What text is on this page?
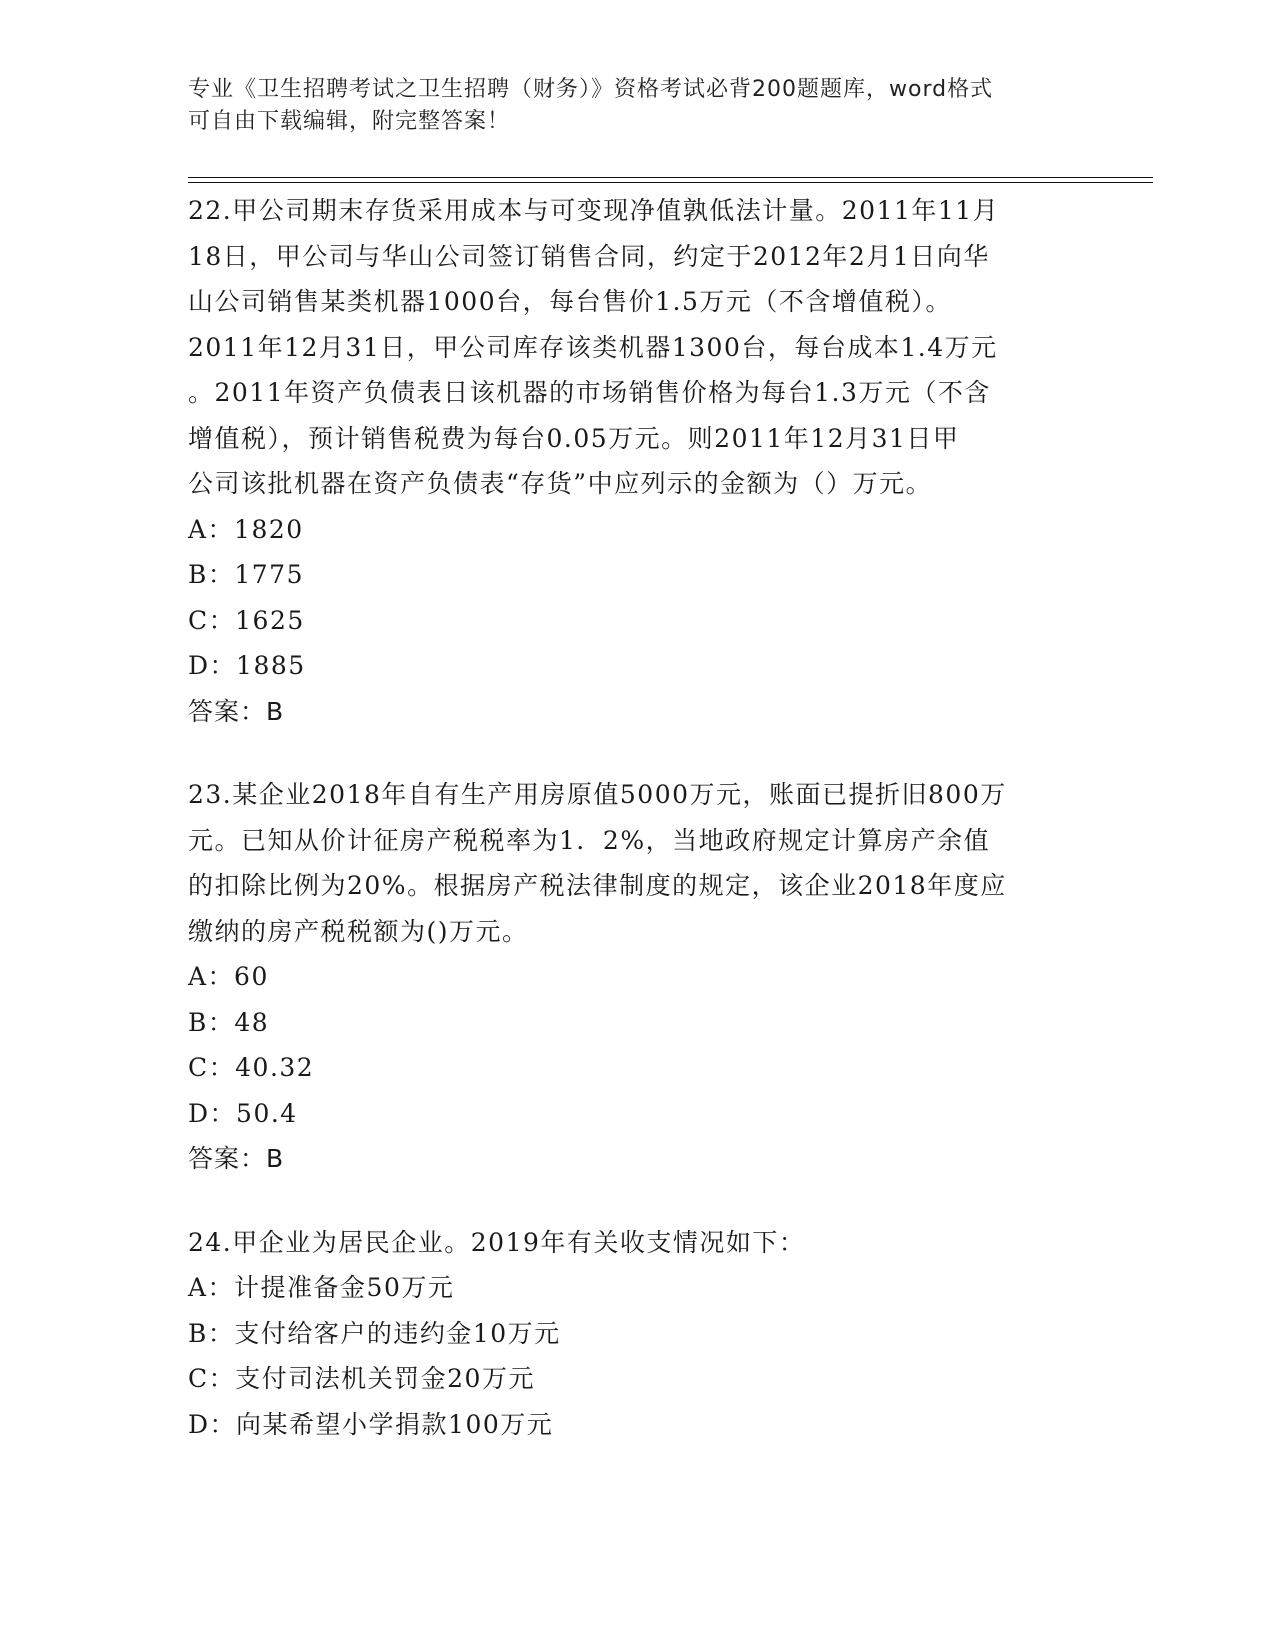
专业《卫生招聘考试之卫生招聘（财务）》资格考试必背200题题库，word格式
可自由下载编辑，附完整答案！

22.甲公司期末存货采用成本与可变现净值孰低法计量。2011年11月

18日，甲公司与华山公司签订销售合同，约定于2012年2月1日向华

山公司销售某类机器1000台，每台售价1.5万元（不含增值税）。

2011年12月31日，甲公司库存该类机器1300台，每台成本1.4万元

。2011年资产负债表日该机器的市场销售价格为每台1.3万元（不含

增值税），预计销售税费为每台0.05万元。则2011年12月31日甲

公司该批机器在资产负债表“存货”中应列示的金额为（）万元。

A：1820

B：1775

C：1625

D：1885

答案：B

23.某企业2018年自有生产用房原值5000万元，账面已提折旧800万

元。已知从价计征房产税税率为1．2%，当地政府规定计算房产余值

的扣除比例为20%。根据房产税法律制度的规定，该企业2018年度应

缴纳的房产税税额为()万元。

A：60

B：48

C：40.32

D：50.4

答案：B

24.甲企业为居民企业。2019年有关收支情况如下：

A：计提准备金50万元

B：支付给客户的违约金10万元

C：支付司法机关罚金20万元

D：向某希望小学捐款100万元
